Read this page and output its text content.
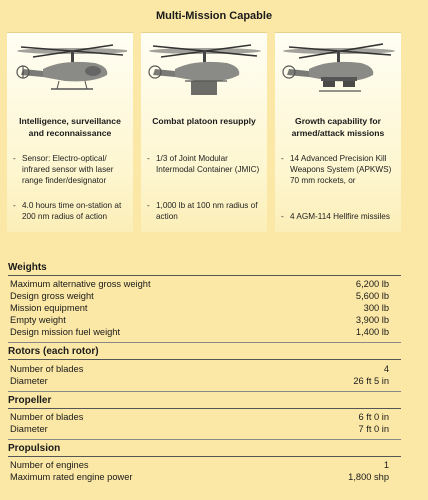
Multi-Mission Capable
Intelligence, surveillance and reconnaissance
- Sensor: Electro-optical/ infrared sensor with laser range finder/designator
- 4.0 hours time on-station at 200 nm radius of action
Combat platoon resupply
- 1/3 of Joint Modular Intermodal Container (JMIC)
- 1,000 lb at 100 nm radius of action
Growth capability for armed/attack missions
- 14 Advanced Precision Kill Weapons System (APKWS) 70 mm rockets, or
- 4 AGM-114 Hellfire missiles
Weights
Maximum alternative gross weight	6,200 lb
Design gross weight	5,600 lb
Mission equipment	300 lb
Empty weight	3,900 lb
Design mission fuel weight	1,400 lb
Rotors (each rotor)
Number of blades	4
Diameter	26 ft 5 in
Propeller
Number of blades	6 ft 0 in
Diameter	7 ft 0 in
Propulsion
Number of engines	1
Maximum rated engine power	1,800 shp
